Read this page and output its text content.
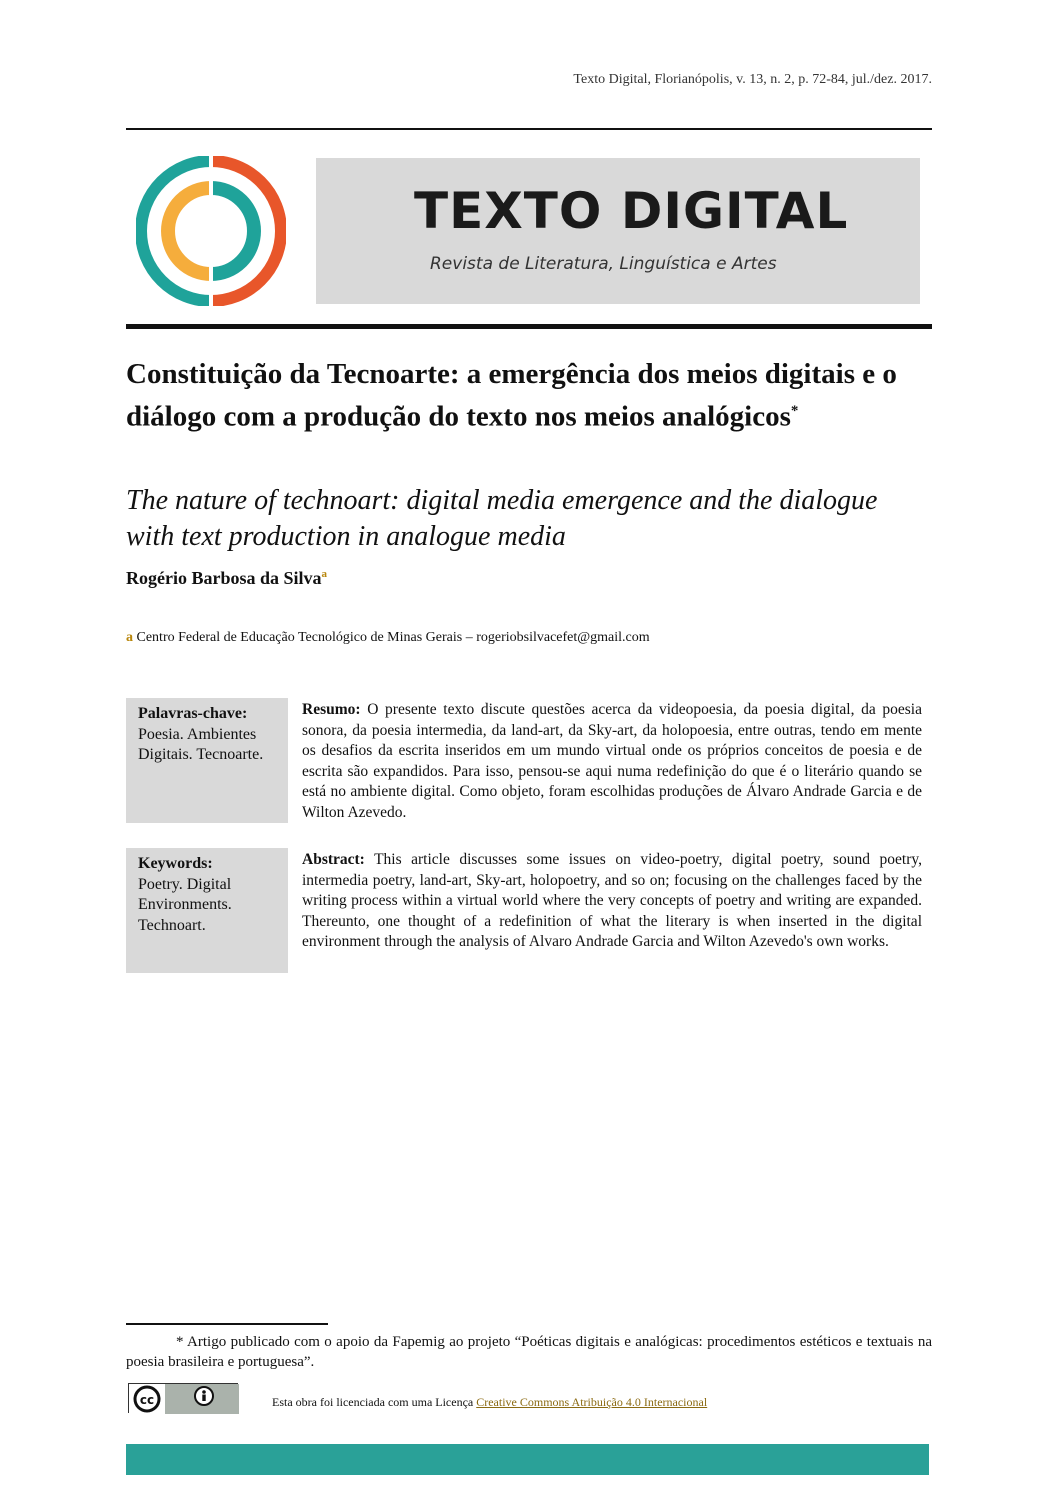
Texto Digital, Florianópolis, v. 13, n. 2, p. 72-84, jul./dez. 2017.
TEXTO DIGITAL
Revista de Literatura, Linguística e Artes
Constituição da Tecnoarte: a emergência dos meios digitais e o diálogo com a produção do texto nos meios analógicos*
The nature of technoart: digital media emergence and the dialogue with text production in analogue media
Rogério Barbosa da Silva$^a$
a Centro Federal de Educação Tecnológico de Minas Gerais – rogeriobsilvacefet@gmail.com
Palavras-chave:
Poesia. Ambientes Digitais. Tecnoarte.
Resumo: O presente texto discute questões acerca da videopoesia, da poesia digital, da poesia sonora, da poesia intermedia, da land-art, da Sky-art, da holopoesia, entre outras, tendo em mente os desafios da escrita inseridos em um mundo virtual onde os próprios conceitos de poesia e de escrita são expandidos. Para isso, pensou-se aqui numa redefinição do que é o literário quando se está no ambiente digital. Como objeto, foram escolhidas produções de Álvaro Andrade Garcia e de Wilton Azevedo.
Keywords:
Poetry. Digital Environments. Technoart.
Abstract: This article discusses some issues on video-poetry, digital poetry, sound poetry, intermedia poetry, land-art, Sky-art, holopoetry, and so on; focusing on the challenges faced by the writing process within a virtual world where the very concepts of poetry and writing are expanded. Thereunto, one thought of a redefinition of what the literary is when inserted in the digital environment through the analysis of Alvaro Andrade Garcia and Wilton Azevedo's own works.
* Artigo publicado com o apoio da Fapemig ao projeto “Poéticas digitais e analógicas: procedimentos estéticos e textuais na poesia brasileira e portuguesa”.
cc	Esta obra foi licenciada com uma Licença Creative Commons Atribuição 4.0 Internacional
